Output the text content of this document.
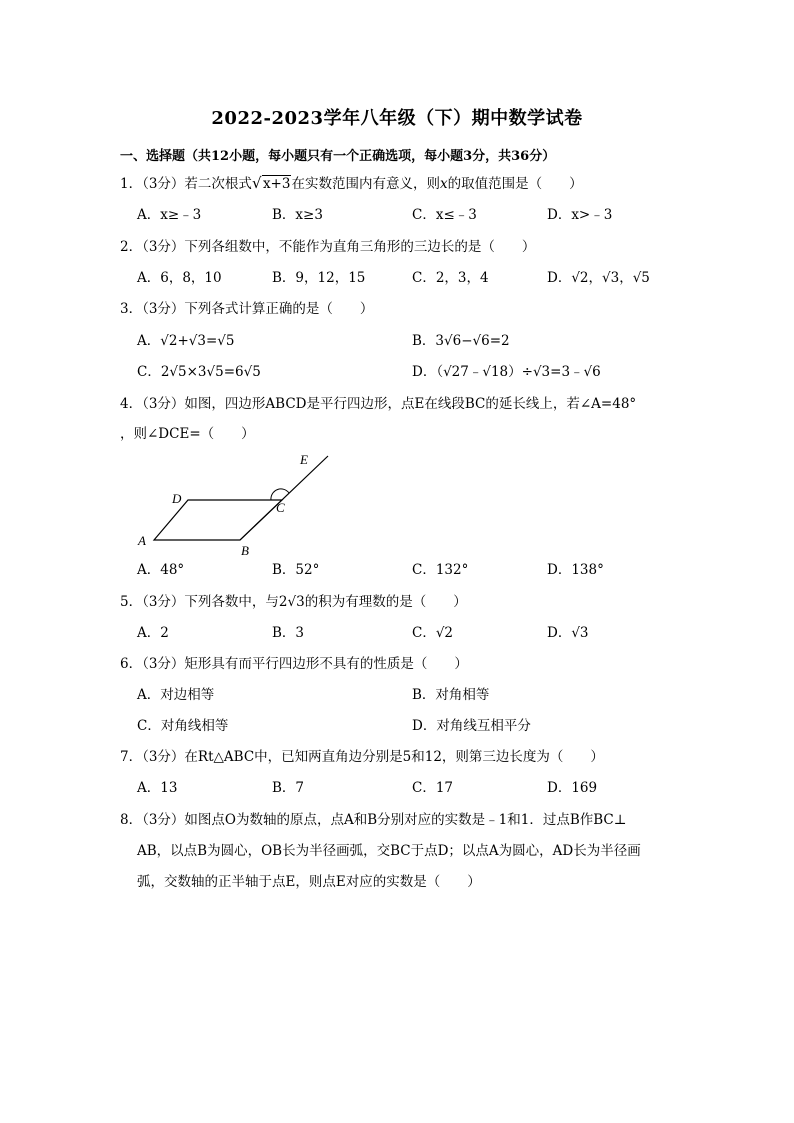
2022-2023学年八年级（下）期中数学试卷
一、选择题（共12小题，每小题只有一个正确选项，每小题3分，共36分）
1．（3分）若二次根式√ x+3在实数范围内有意义，则x的取值范围是（　　）
A．x≥﹣3	B．x≥3	C．x≤﹣3	D．x>﹣3
2．（3分）下列各组数中，不能作为直角三角形的三边长的是（　　）
A．6，8，10	B．9，12，15	C．2，3，4	D．√2，√3，√5
3．（3分）下列各式计算正确的是（　　）
A．√2+√3=√5	B．3√6−√6=2
C．2√5×3√5=6√5	D．（√27﹣√18）÷√3=3﹣√6
4．（3分）如图，四边形ABCD是平行四边形，点E在线段BC的延长线上，若∠A=48°
，则∠DCE=（　　）
A
B
C
D
E
A．48°	B．52°	C．132°	D．138°
5．（3分）下列各数中，与2√3的积为有理数的是（　　）
A．2	B．3	C．√2	D．√3
6．（3分）矩形具有而平行四边形不具有的性质是（　　）
A．对边相等	B．对角相等
C．对角线相等	D．对角线互相平分
7．（3分）在Rt△ABC中，已知两直角边分别是5和12，则第三边长度为（　　）
A．13	B．7	C．17	D．169
8．（3分）如图点O为数轴的原点，点A和B分别对应的实数是﹣1和1．过点B作BC⊥
AB，以点B为圆心，OB长为半径画弧，交BC于点D；以点A为圆心，AD长为半径画
弧，交数轴的正半轴于点E，则点E对应的实数是（　　）
